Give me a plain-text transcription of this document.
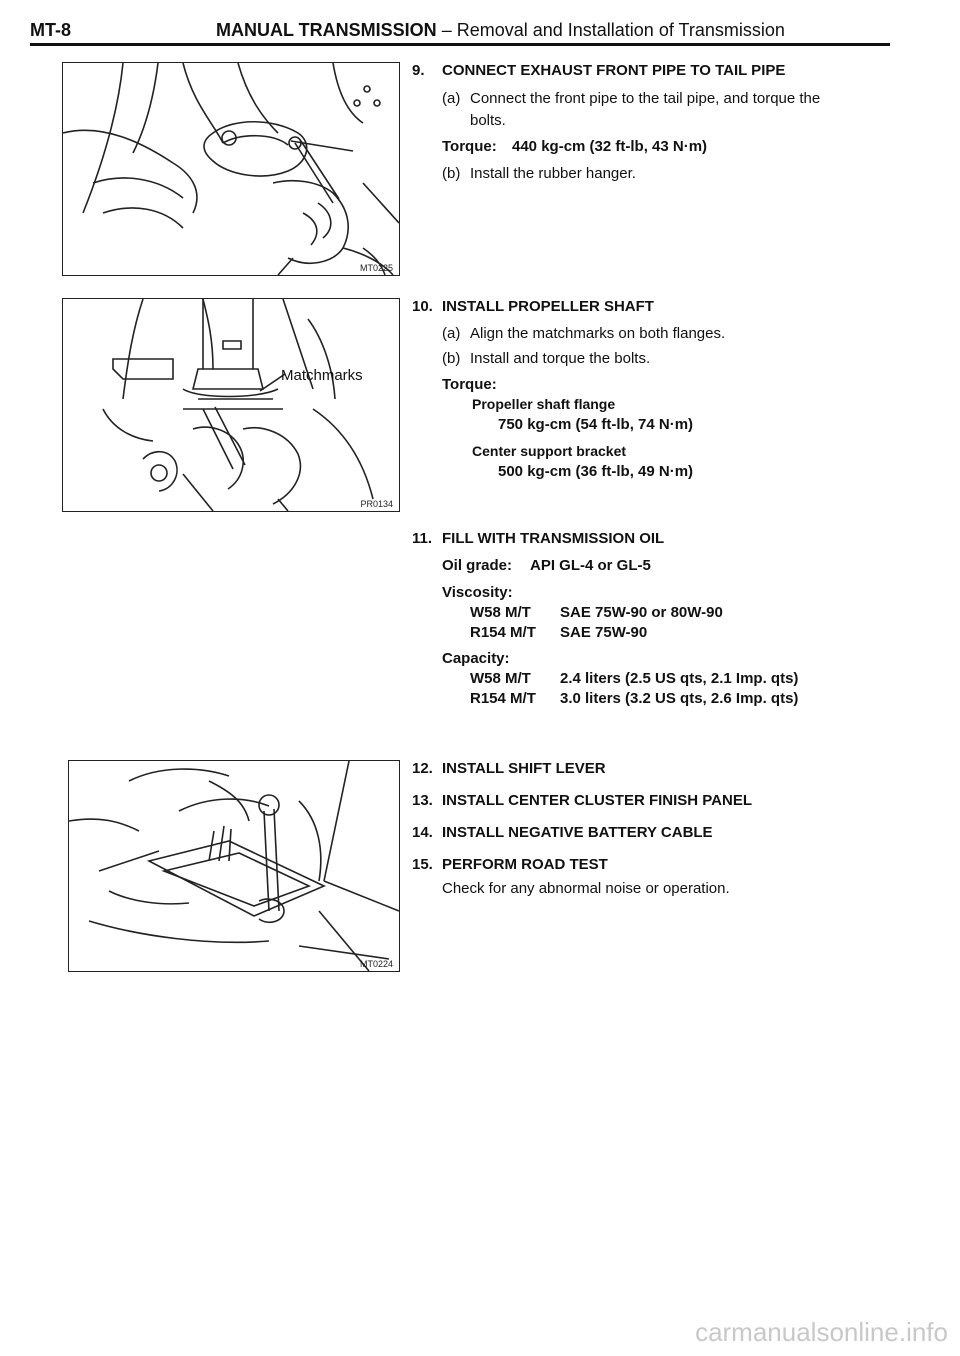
MT-8	MANUAL TRANSMISSION – Removal and Installation of Transmission
MT0225
Matchmarks
PR0134
MT0224
9. CONNECT EXHAUST FRONT PIPE TO TAIL PIPE
(a) Connect the front pipe to the tail pipe, and torque the
bolts.
Torque: 440 kg-cm (32 ft-lb, 43 N·m)
(b) Install the rubber hanger.
10. INSTALL PROPELLER SHAFT
(a) Align the matchmarks on both flanges.
(b) Install and torque the bolts.
Torque:
Propeller shaft flange
750 kg-cm (54 ft-lb, 74 N·m)
Center support bracket
500 kg-cm (36 ft-lb, 49 N·m)
11. FILL WITH TRANSMISSION OIL
Oil grade: API GL-4 or GL-5
Viscosity:
W58 M/T SAE 75W-90 or 80W-90
R154 M/T SAE 75W-90
Capacity:
W58 M/T 2.4 liters (2.5 US qts, 2.1 Imp. qts)
R154 M/T 3.0 liters (3.2 US qts, 2.6 Imp. qts)
12. INSTALL SHIFT LEVER
13. INSTALL CENTER CLUSTER FINISH PANEL
14. INSTALL NEGATIVE BATTERY CABLE
15. PERFORM ROAD TEST
Check for any abnormal noise or operation.
carmanualsonline.info
